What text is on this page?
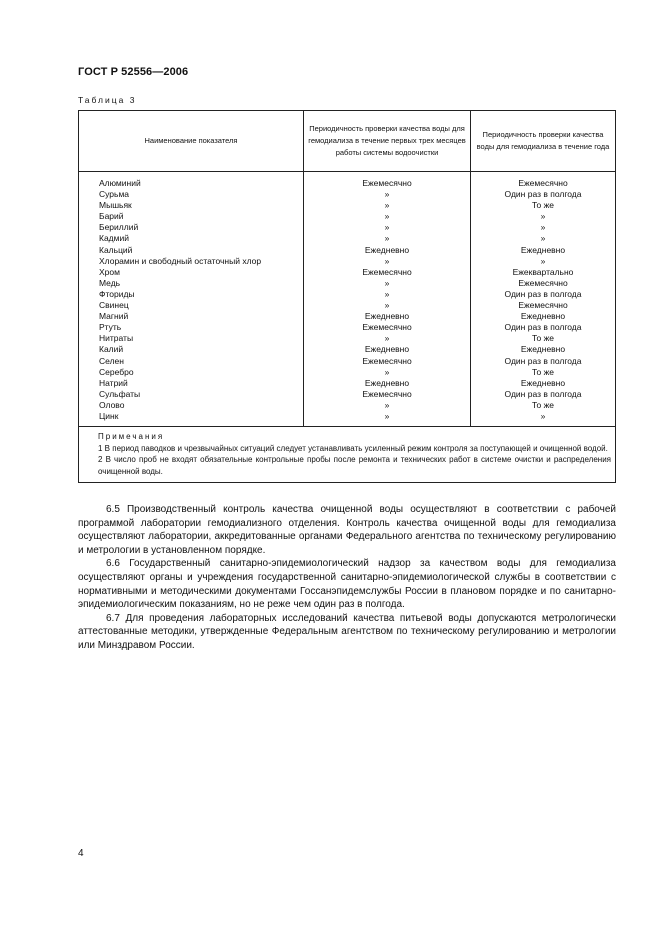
ГОСТ Р 52556—2006
Таблица 3
Наименование показателя	Периодичность проверки качества воды для гемодиализа в течение первых трех месяцев работы системы водоочистки	Периодичность проверки качества воды для гемодиализа в течение года
Алюминий	Ежемесячно	Ежемесячно
Сурьма	»	Один раз в полгода
Мышьяк	»	То же
Барий	»	»
Бериллий	»	»
Кадмий	»	»
Кальций	Ежедневно	Ежедневно
Хлорамин и свободный остаточный хлор	»	»
Хром	Ежемесячно	Ежеквартально
Медь	»	Ежемесячно
Фториды	»	Один раз в полгода
Свинец	»	Ежемесячно
Магний	Ежедневно	Ежедневно
Ртуть	Ежемесячно	Один раз в полгода
Нитраты	»	То же
Калий	Ежедневно	Ежедневно
Селен	Ежемесячно	Один раз в полгода
Серебро	»	То же
Натрий	Ежедневно	Ежедневно
Сульфаты	Ежемесячно	Один раз в полгода
Олово	»	То же
Цинк	»	»

Примечания

1 В период паводков и чрезвычайных ситуаций следует устанавливать усиленный режим контроля за поступающей и очищенной водой.

2 В число проб не входят обязательные контрольные пробы после ремонта и технических работ в системе очистки и распределения очищенной воды.

6.5 Производственный контроль качества очищенной воды осуществляют в соответствии с рабочей программой лаборатории гемодиализного отделения. Контроль качества очищенной воды для гемодиализа осуществляют лаборатории, аккредитованные органами Федерального агентства по техническому регулированию и метрологии в установленном порядке.

6.6 Государственный санитарно-эпидемиологический надзор за качеством воды для гемодиализа осуществляют органы и учреждения государственной санитарно-эпидемиологической службы в соответствии с нормативными и методическими документами Госсанэпидемслужбы России в плановом порядке и по санитарно-эпидемиологическим показаниям, но не реже чем один раз в полгода.

6.7 Для проведения лабораторных исследований качества питьевой воды допускаются метрологически аттестованные методики, утвержденные Федеральным агентством по техническому регулированию и метрологии или Минздравом России.

4
